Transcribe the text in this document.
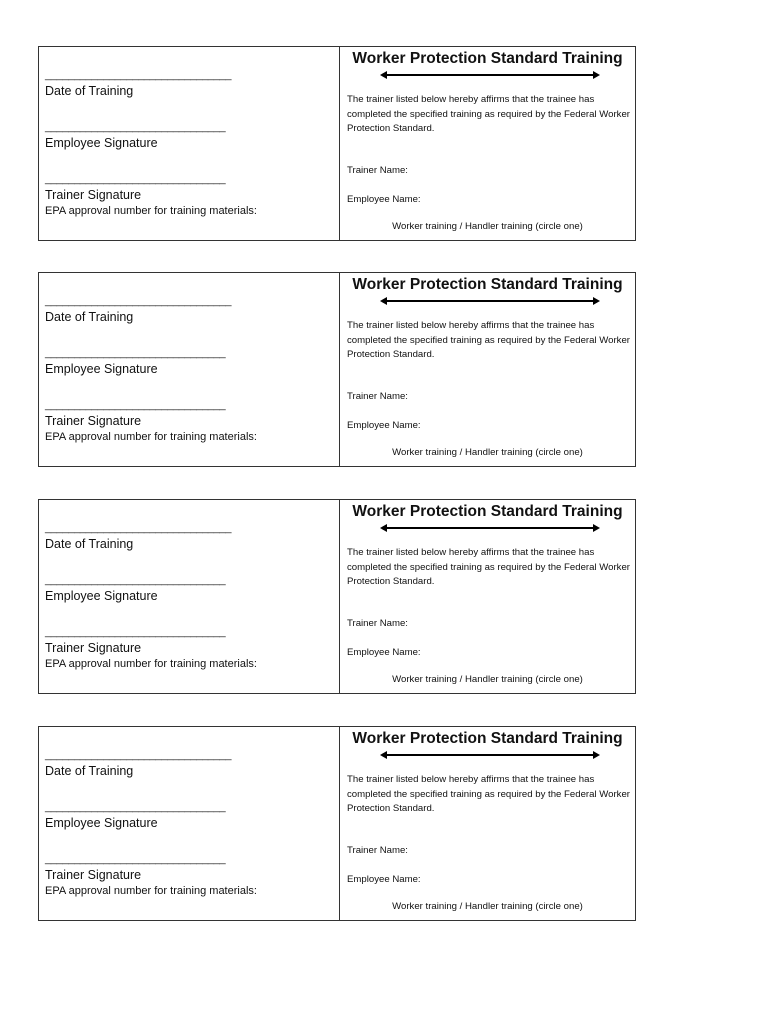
________________________________
Date of Training
_______________________________
Employee Signature
_______________________________
Trainer Signature
EPA approval number for training materials:
Worker Protection Standard Training
The trainer listed below hereby affirms that the trainee has completed the specified training as required by the Federal Worker Protection Standard.
Trainer Name:
Employee Name:
Worker training / Handler training (circle one)
________________________________
Date of Training
_______________________________
Employee Signature
_______________________________
Trainer Signature
EPA approval number for training materials:
Worker Protection Standard Training
The trainer listed below hereby affirms that the trainee has completed the specified training as required by the Federal Worker Protection Standard.
Trainer Name:
Employee Name:
Worker training / Handler training (circle one)
________________________________
Date of Training
_______________________________
Employee Signature
_______________________________
Trainer Signature
EPA approval number for training materials:
Worker Protection Standard Training
The trainer listed below hereby affirms that the trainee has completed the specified training as required by the Federal Worker Protection Standard.
Trainer Name:
Employee Name:
Worker training / Handler training (circle one)
________________________________
Date of Training
_______________________________
Employee Signature
_______________________________
Trainer Signature
EPA approval number for training materials:
Worker Protection Standard Training
The trainer listed below hereby affirms that the trainee has completed the specified training as required by the Federal Worker Protection Standard.
Trainer Name:
Employee Name:
Worker training / Handler training (circle one)
